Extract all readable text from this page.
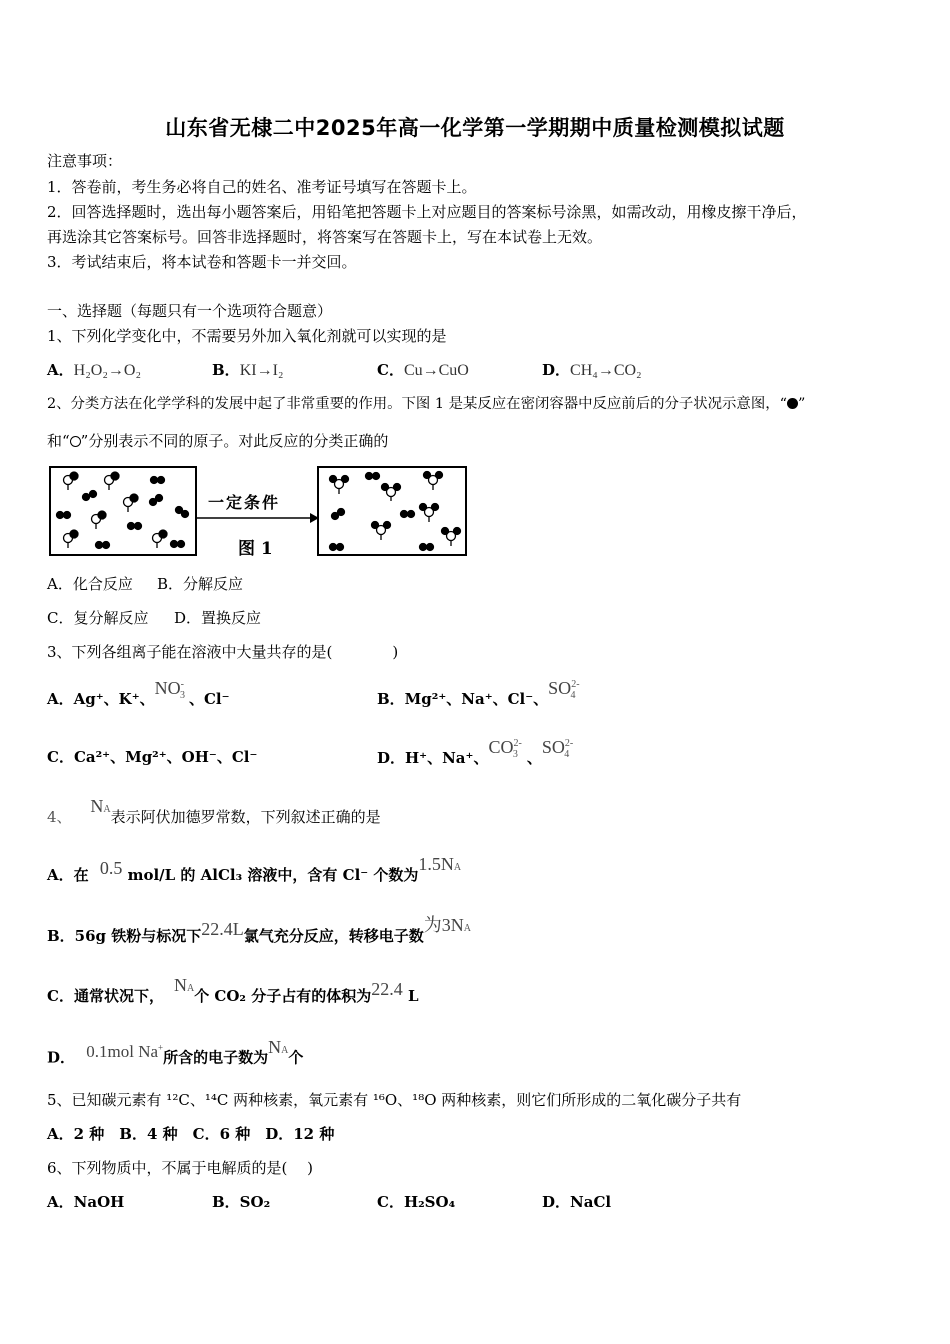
山东省无棣二中2025年高一化学第一学期期中质量检测模拟试题
注意事项：
1．答卷前，考生务必将自己的姓名、准考证号填写在答题卡上。
2．回答选择题时，选出每小题答案后，用铅笔把答题卡上对应题目的答案标号涂黑，如需改动，用橡皮擦干净后，
再选涂其它答案标号。回答非选择题时，将答案写在答题卡上，写在本试卷上无效。
3．考试结束后，将本试卷和答题卡一并交回。
一、选择题（每题只有一个选项符合题意）
1、下列化学变化中，不需要另外加入氧化剂就可以实现的是
A．H₂O₂→O₂	B．KI→I₂	C．Cu→CuO	D．CH₄→CO₂
2、分类方法在化学学科的发展中起了非常重要的作用。下图 1 是某反应在密闭容器中反应前后的分子状况示意图，“ ”
和“ ”分别表示不同的原子。对此反应的分类正确的
一定条件
图 1
A．化合反应 B．分解反应
C．复分解反应 D．置换反应
3、下列各组离子能在溶液中大量共存的是(　　　　)
A．Ag⁺、K⁺、$NO^-_3$ 、Cl⁻	B．Mg²⁺、Na⁺、Cl⁻、$SO^{2-}_4$
C．Ca²⁺、Mg²⁺、OH⁻、Cl⁻	D．H⁺、Na⁺、$CO^{2-}_3$ 、$SO^{2-}_4$
4、 NA表示阿伏加德罗常数，下列叙述正确的是
A．在 0.5 mol/L 的 AlCl₃ 溶液中，含有 Cl⁻ 个数为1.5NA
B．56g 铁粉与标况下22.4L氯气充分反应，转移电子数为3NA
C．通常状况下，NA个 CO₂ 分子占有的体积为22.4 L
D． 0.1mol Na+所含的电子数为NA个
5、已知碳元素有 ¹²C、¹⁴C 两种核素，氧元素有 ¹⁶O、¹⁸O 两种核素，则它们所形成的二氧化碳分子共有
A．2 种　B．4 种　C．6 种　D．12 种
6、下列物质中，不属于电解质的是(　 )
A．NaOH	B．SO₂	C．H₂SO₄	D．NaCl
